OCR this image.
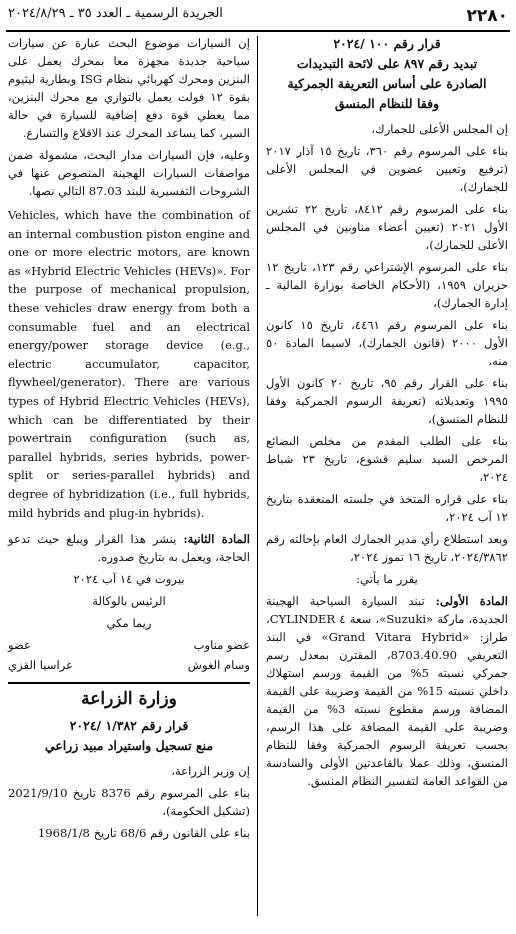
٢٢٨٠
الجريدة الرسمية ـ العدد ٣٥ ـ ٢٠٢٤/٨/٢٩
قرار رقم ١٠٠ /٢٠٢٤
تبديد رقم ٨٩٧ على لائحة التبديدات
الصادرة على أساس التعريفة الجمركية
وفقا للنظام المنسق

إن المجلس الأعلى للجمارك،

بناء على المرسوم رقم ٣٦٠، تاريخ ١٥ آذار ٢٠١٧ (ترفيع وتعيين عضوين في المجلس الأعلى للجمارك)،

بناء على المرسوم رقم ٨٤١٢، تاريخ ٢٢ تشرين الأول ٢٠٢١ (تعيين أعضاء مناوبين في المجلس الأعلى للجمارك)،

بناء على المرسوم الإشتراعي رقم ١٢٣، تاريخ ١٢ حزيران ١٩٥٩، (الأحكام الخاصة بوزارة المالية ـ إدارة الجمارك)،

بناء على المرسوم رقم ٤٤٦١، تاريخ ١٥ كانون الأول ٢٠٠٠ (قانون الجمارك)، لاسيما المادة ٥٠ منه،

بناء على القرار رقم ٩٥، تاريخ ٢٠ كانون الأول ١٩٩٥ وتعديلاته (تعريفة الرسوم الجمركية وفقا للنظام المنسق)،

بناء على الطلب المقدم من مخلص البضائع المرخص السيد سليم قشوع، تاريخ ٢٣ شباط ٢٠٢٤،

بناء على قراره المتخذ في جلسته المنعقدة بتاريخ ١٢ آب ٢٠٢٤،

وبعد استطلاع رأي مدير الجمارك العام بإحالته رقم ٢٠٢٤/٣٨٦٢، تاريخ ١٦ تموز ٢٠٢٤،

يقرر ما يأتي:

المادة الأولى: تبند السيارة السياحية الهجينة الجديدة، ماركة «Suzuki»، سعة ٤ CYLINDER، طراز: «Grand Vitara Hybrid» في البند التعريفي 8703.40.90، المقترن بمعدل رسم جمركي نسبته 5% من القيمة ورسم استهلاك داخلي نسبته 15% من القيمة وضريبة على القيمة المضافة ورسم مقطوع نسبته 3% من القيمة وضريبة على القيمة المضافة على هذا الرسم، بحسب تعريفة الرسوم الجمركية وفقا للنظام المنسق، وذلك عملا بالقاعدتين الأولى والسادسة من القواعد العامة لتفسير النظام المنسق.

إن السيارات موضوع البحث عبارة عن سيارات سياحية جديدة مجهزة معا بمحرك يعمل على البنزين ومحرك كهربائي بنظام ISG وبطارية ليثيوم بقوة ١٢ فولت يعمل بالتوازي مع محرك البنزين، مما يعطي قوة دفع إضافية للسيارة في حالة السير، كما يساعد المحرك عند الاقلاع والتسارع.

وعليه، فإن السيارات مدار البحث، مشمولة ضمن مواصفات السيارات الهجينة المنصوص عنها في الشروحات التفسيرية للبند 87.03 التالي نصها.

Vehicles, which have the combination of an internal combustion piston engine and one or more electric motors, are known as «Hybrid Electric Vehicles (HEVs)». For the purpose of mechanical propulsion, these vehicles draw energy from both a consumable fuel and an electrical energy/power storage device (e.g., electric accumulator, capacitor, flywheel/generator). There are various types of Hybrid Electric Vehicles (HEVs), which can be differentiated by their powertrain configuration (such as, parallel hybrids, series hybrids, power-split or series-parallel hybrids) and degree of hybridization (i.e., full hybrids, mild hybrids and plug-in hybrids).

المادة الثانية: ينشر هذا القرار ويبلغ حيث تدعو الحاجة، ويعمل به بتاريخ صدوره.

بيروت في ١٤ آب ٢٠٢٤

الرئيس بالوكالة

ريما مكي

عضو مناوب
عضو
وسام الغوش
غراسيا القزي
وزارة الزراعة
قرار رقم ١/٣٨٢ /٢٠٢٤
منع تسجيل واستيراد مبيد زراعي

إن وزير الزراعة،

بناء على المرسوم رقم 8376 تاريخ 2021/9/10 (تشكيل الحكومة)،

بناء على القانون رقم 68/6 تاريخ 1968/1/8
